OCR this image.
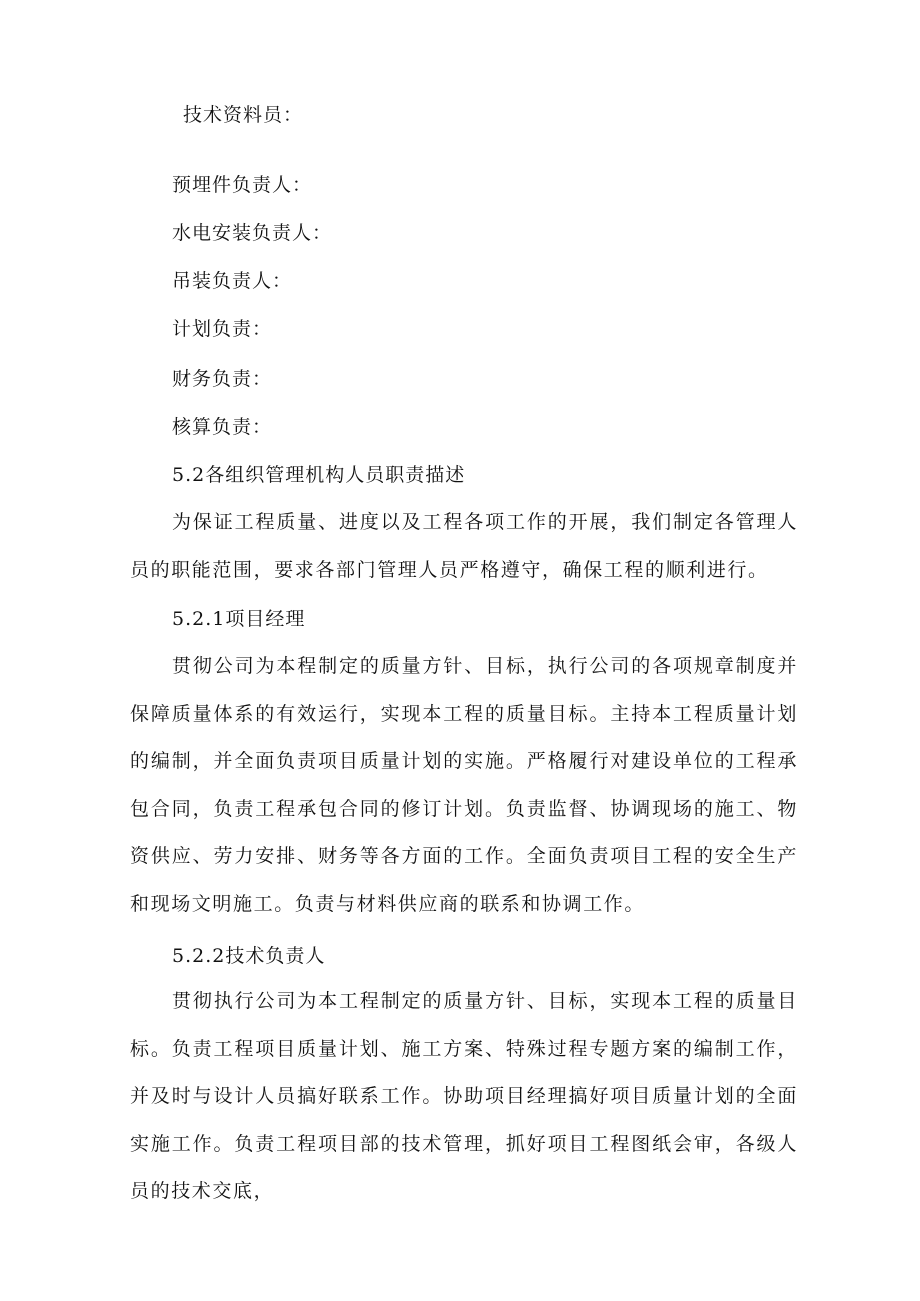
技术资料员：
预埋件负责人：
水电安装负责人：
吊装负责人：
计划负责：
财务负责：
核算负责：
5.2各组织管理机构人员职责描述

为保证工程质量、进度以及工程各项工作的开展，我们制定各管理人员的职能范围，要求各部门管理人员严格遵守，确保工程的顺利进行。

5.2.1项目经理

贯彻公司为本程制定的质量方针、目标，执行公司的各项规章制度并保障质量体系的有效运行，实现本工程的质量目标。主持本工程质量计划的编制，并全面负责项目质量计划的实施。严格履行对建设单位的工程承包合同，负责工程承包合同的修订计划。负责监督、协调现场的施工、物资供应、劳力安排、财务等各方面的工作。全面负责项目工程的安全生产和现场文明施工。负责与材料供应商的联系和协调工作。

5.2.2技术负责人

贯彻执行公司为本工程制定的质量方针、目标，实现本工程的质量目标。负责工程项目质量计划、施工方案、特殊过程专题方案的编制工作，并及时与设计人员搞好联系工作。协助项目经理搞好项目质量计划的全面实施工作。负责工程项目部的技术管理，抓好项目工程图纸会审，各级人员的技术交底，
